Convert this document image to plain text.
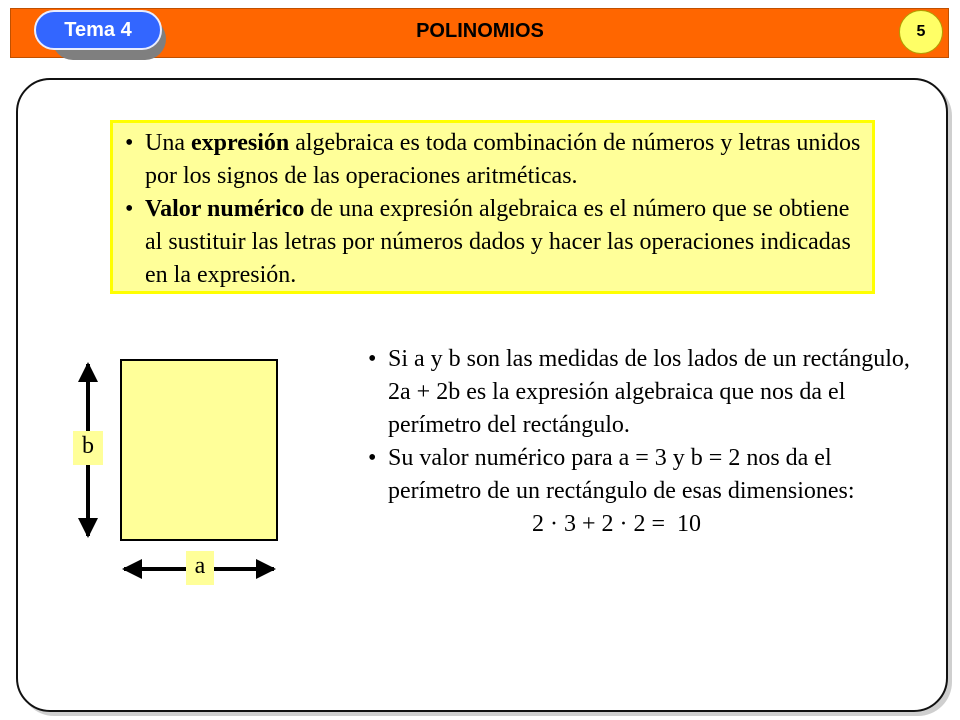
Tema 4	POLINOMIOS	5
• Una expresión algebraica es toda combinación de números y letras unidos por los signos de las operaciones aritméticas.
• Valor numérico de una expresión algebraica es el número que se obtiene al sustituir las letras por números dados y hacer las operaciones indicadas en la expresión.
b
a
• Si a y b son las medidas de los lados de un rectángulo, 2a + 2b es la expresión algebraica que nos da el perímetro del rectángulo.
• Su valor numérico para a = 3 y b = 2 nos da el perímetro de un rectángulo de esas dimensiones:
2 · 3 + 2 · 2 =  10
